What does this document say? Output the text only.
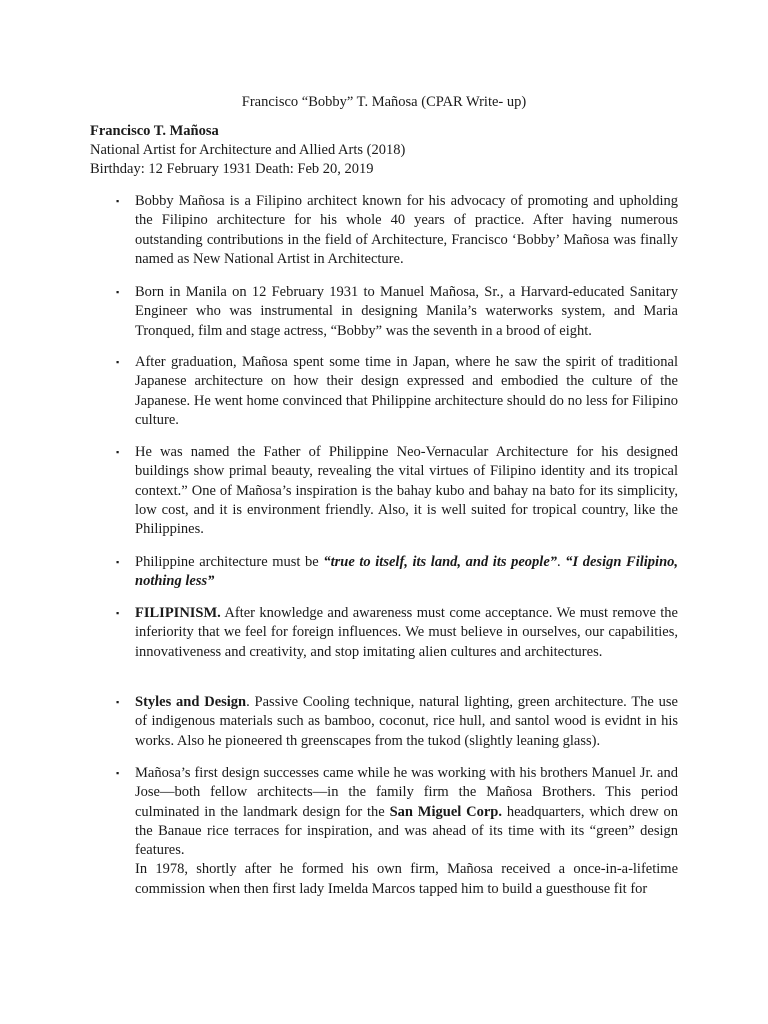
Francisco “Bobby” T. Mañosa (CPAR Write- up)
Francisco T. Mañosa
National Artist for Architecture and Allied Arts (2018)
Birthday: 12 February 1931 Death: Feb 20, 2019
▪ Bobby Mañosa is a Filipino architect known for his advocacy of promoting and upholding the Filipino architecture for his whole 40 years of practice. After having numerous outstanding contributions in the field of Architecture, Francisco ‘Bobby’ Mañosa was finally named as New National Artist in Architecture.

▪ Born in Manila on 12 February 1931 to Manuel Mañosa, Sr., a Harvard-educated Sanitary Engineer who was instrumental in designing Manila’s waterworks system, and Maria Tronqued, film and stage actress, “Bobby” was the seventh in a brood of eight.

▪ After graduation, Mañosa spent some time in Japan, where he saw the spirit of traditional Japanese architecture on how their design expressed and embodied the culture of the Japanese. He went home convinced that Philippine architecture should do no less for Filipino culture.

▪ He was named the Father of Philippine Neo-Vernacular Architecture for his designed buildings show primal beauty, revealing the vital virtues of Filipino identity and its tropical context.” One of Mañosa’s inspiration is the bahay kubo and bahay na bato for its simplicity, low cost, and it is environment friendly. Also, it is well suited for tropical country, like the Philippines.

▪ Philippine architecture must be “true to itself, its land, and its people”. “I design Filipino, nothing less”

▪ FILIPINISM. After knowledge and awareness must come acceptance. We must remove the inferiority that we feel for foreign influences. We must believe in ourselves, our capabilities, innovativeness and creativity, and stop imitating alien cultures and architectures.

▪ Styles and Design. Passive Cooling technique, natural lighting, green architecture. The use of indigenous materials such as bamboo, coconut, rice hull, and santol wood is evidnt in his works. Also he pioneered th greenscapes from the tukod (slightly leaning glass).

▪ Mañosa’s first design successes came while he was working with his brothers Manuel Jr. and Jose—both fellow architects—in the family firm the Mañosa Brothers. This period culminated in the landmark design for the San Miguel Corp. headquarters, which drew on the Banaue rice terraces for inspiration, and was ahead of its time with its “green” design features.
In 1978, shortly after he formed his own firm, Mañosa received a once-in-a-lifetime commission when then first lady Imelda Marcos tapped him to build a guesthouse fit for
